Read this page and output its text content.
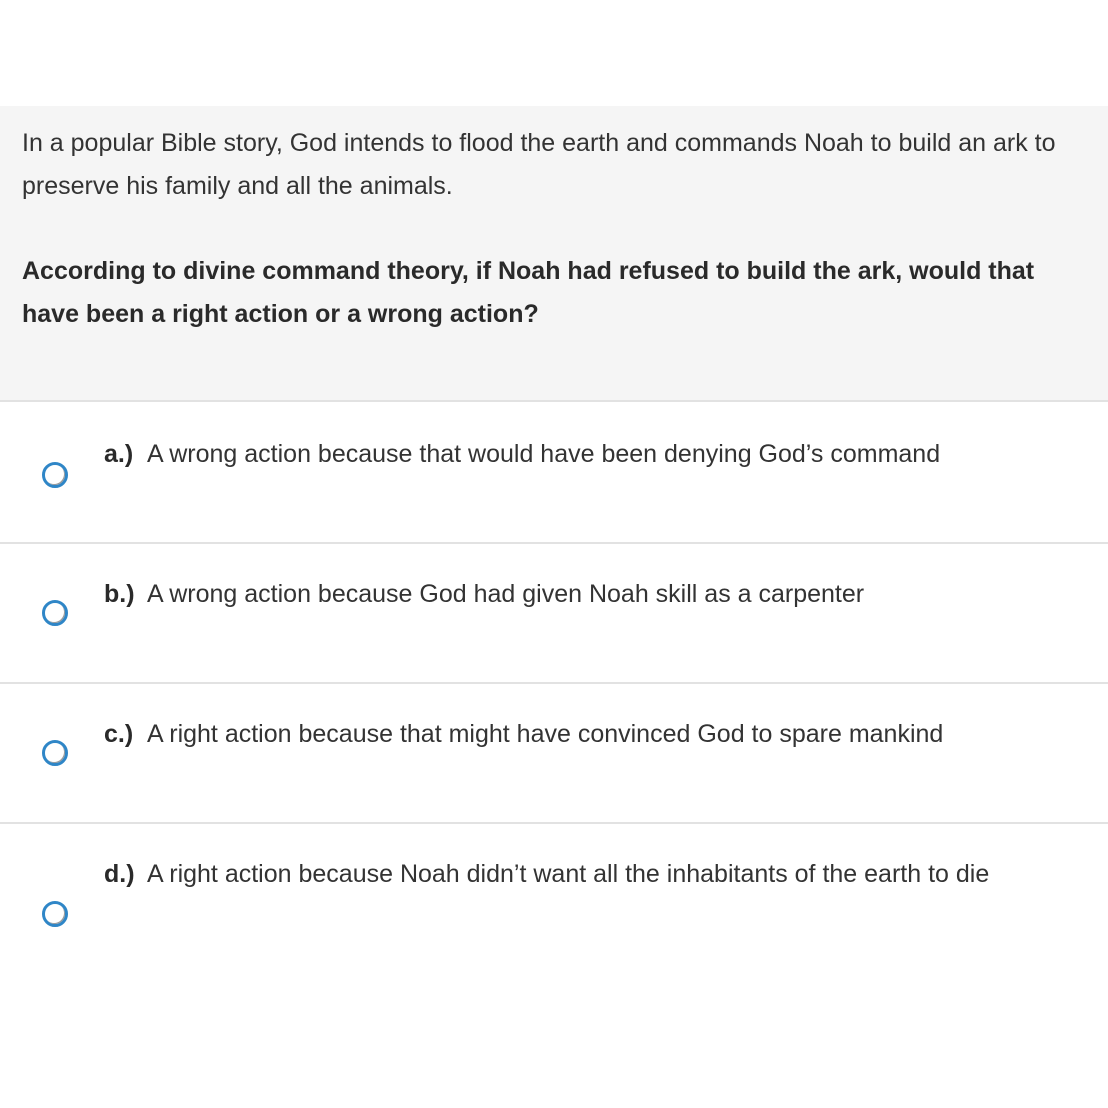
In a popular Bible story, God intends to flood the earth and commands Noah to build an ark to preserve his family and all the animals.

According to divine command theory, if Noah had refused to build the ark, would that have been a right action or a wrong action?

a.) A wrong action because that would have been denying God’s command
b.) A wrong action because God had given Noah skill as a carpenter
c.) A right action because that might have convinced God to spare mankind
d.) A right action because Noah didn’t want all the inhabitants of the earth to die
